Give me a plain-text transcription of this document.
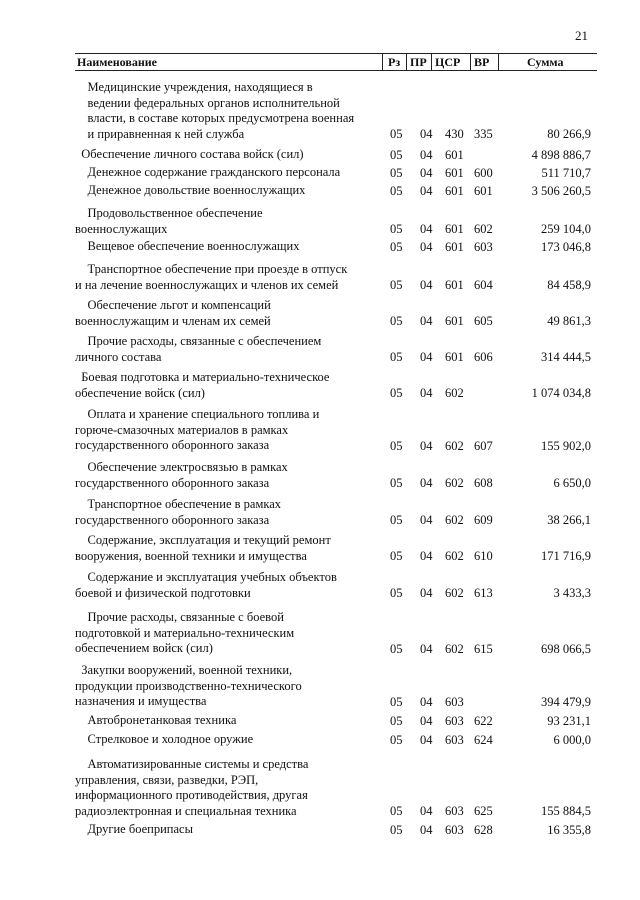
21
Наименование	Рз ПР ЦСР ВР	Сумма
Медицинские учреждения, находящиеся в
ведении федеральных органов исполнительной
власти, в составе которых предусмотрена военная
и приравненная к ней служба	05 04 430 335	80 266,9
Обеспечение личного состава войск (сил)	05 04 601	4 898 886,7
Денежное содержание гражданского персонала	05 04 601 600	511 710,7
Денежное довольствие военнослужащих	05 04 601 601	3 506 260,5
Продовольственное обеспечение
военнослужащих	05 04 601 602	259 104,0
Вещевое обеспечение военнослужащих	05 04 601 603	173 046,8
Транспортное обеспечение при проезде в отпуск
и на лечение военнослужащих и членов их семей	05 04 601 604	84 458,9
Обеспечение льгот и компенсаций
военнослужащим и членам их семей	05 04 601 605	49 861,3
Прочие расходы, связанные с обеспечением
личного состава	05 04 601 606	314 444,5
Боевая подготовка и материально-техническое
обеспечение войск (сил)	05 04 602	1 074 034,8
Оплата и хранение специального топлива и
горюче-смазочных материалов в рамках
государственного оборонного заказа	05 04 602 607	155 902,0
Обеспечение электросвязью в рамках
государственного оборонного заказа	05 04 602 608	6 650,0
Транспортное обеспечение в рамках
государственного оборонного заказа	05 04 602 609	38 266,1
Содержание, эксплуатация и текущий ремонт
вооружения, военной техники и имущества	05 04 602 610	171 716,9
Содержание и эксплуатация учебных объектов
боевой и физической подготовки	05 04 602 613	3 433,3
Прочие расходы, связанные с боевой
подготовкой и материально-техническим
обеспечением войск (сил)	05 04 602 615	698 066,5
Закупки вооружений, военной техники,
продукции производственно-технического
назначения и имущества	05 04 603	394 479,9
Автобронетанковая техника	05 04 603 622	93 231,1
Стрелковое и холодное оружие	05 04 603 624	6 000,0
Автоматизированные системы и средства
управления, связи, разведки, РЭП,
информационного противодействия, другая
радиоэлектронная и специальная техника	05 04 603 625	155 884,5
Другие боеприпасы	05 04 603 628	16 355,8
